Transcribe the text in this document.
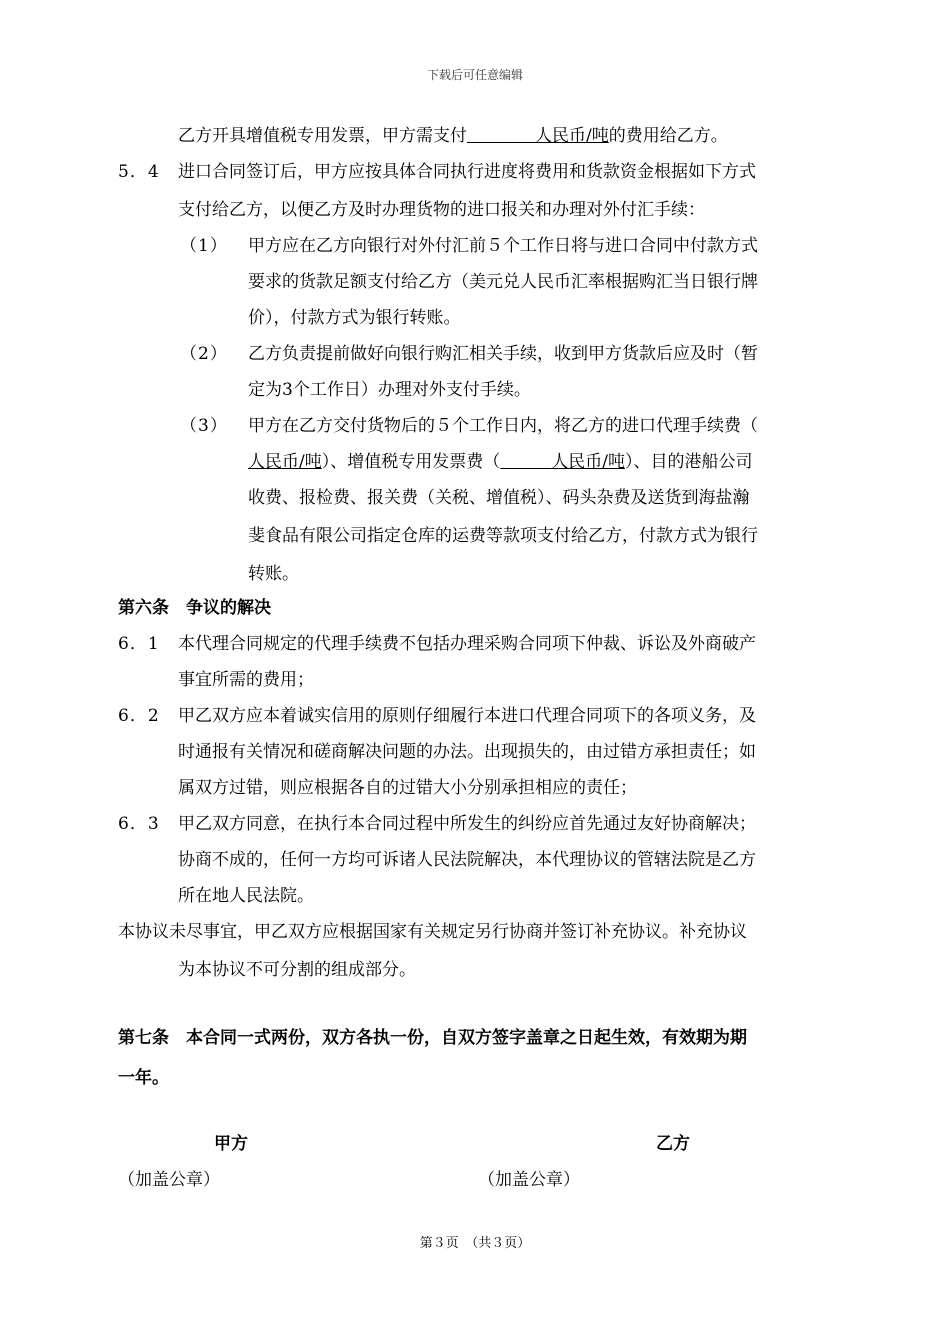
下载后可任意编辑
乙方开具增值税专用发票，甲方需支付　　　　	人民币/吨的费用给乙方。
5．4 进口合同签订后，甲方应按具体合同执行进度将费用和货款资金根据如下方式
支付给乙方，以便乙方及时办理货物的进口报关和办理对外付汇手续：
（1） 甲方应在乙方向银行对外付汇前５个工作日将与进口合同中付款方式
要求的货款足额支付给乙方（美元兑人民币汇率根据购汇当日银行牌
价），付款方式为银行转账。
（2） 乙方负责提前做好向银行购汇相关手续，收到甲方货款后应及时（暂
定为3个工作日）办理对外支付手续。
（3） 甲方在乙方交付货物后的５个工作日内，将乙方的进口代理手续费（
人民币/吨）、增值税专用发票费（　　　	人民币/吨）、目的港船公司
收费、报检费、报关费（关税、增值税）、码头杂费及送货到海盐瀚
斐食品有限公司指定仓库的运费等款项支付给乙方，付款方式为银行
转账。
第六条　争议的解决
6．1 本代理合同规定的代理手续费不包括办理采购合同项下仲裁、诉讼及外商破产
事宜所需的费用；
6．2 甲乙双方应本着诚实信用的原则仔细履行本进口代理合同项下的各项义务，及
时通报有关情况和磋商解决问题的办法。出现损失的，由过错方承担责任；如
属双方过错，则应根据各自的过错大小分别承担相应的责任；
6．3 甲乙双方同意，在执行本合同过程中所发生的纠纷应首先通过友好协商解决；
协商不成的，任何一方均可诉诸人民法院解决，本代理协议的管辖法院是乙方
所在地人民法院。
本协议未尽事宜，甲乙双方应根据国家有关规定另行协商并签订补充协议。补充协议
为本协议不可分割的组成部分。
第七条　本合同一式两份，双方各执一份，自双方签字盖章之日起生效，有效期为期
一年。
甲方	乙方
（加盖公章）	（加盖公章）
第３页　（共３页）
